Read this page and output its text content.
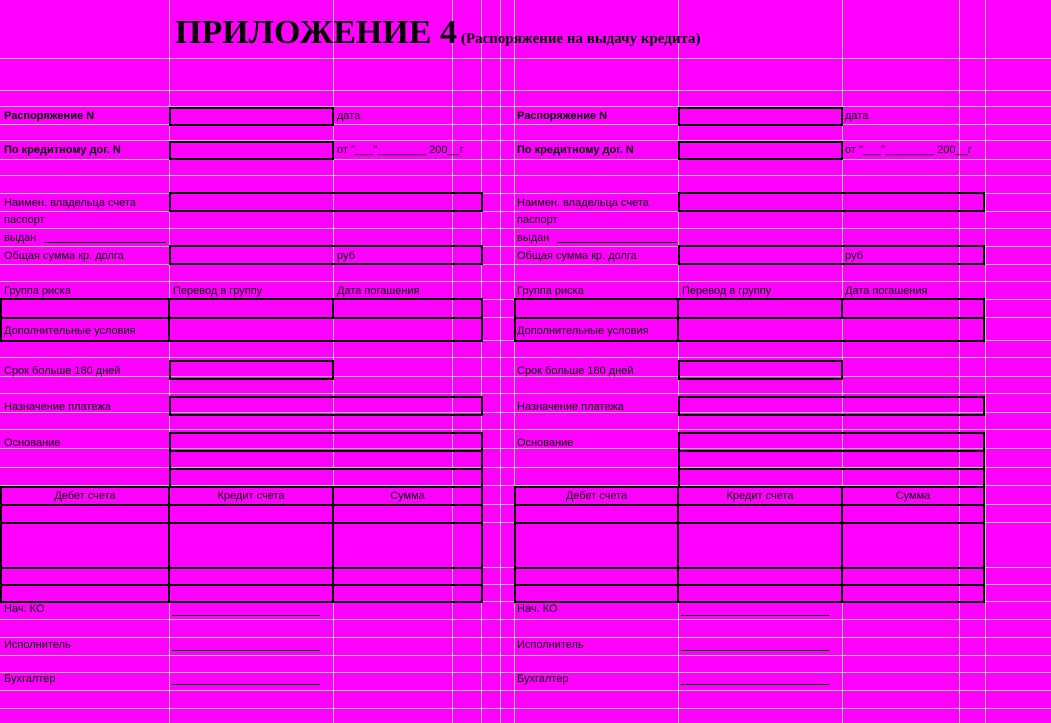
ПРИЛОЖЕНИЕ 4 (Распоряжение на выдачу кредита)
Распоряжение N	дата
По кредитному дог. N	от "___"________ 200__г
Наимен. владельца счета
паспорт
выдан
Общая сумма кр. долга	руб
Группа риска	Перевод в группу	Дата погашения
Дополнительные условия
Срок больше 180 дней
Назначение платежа
Основание
Дебет счета	Кредит счета	Сумма
Нач. КО
Исполнитель
Бухгалтер
Распоряжение N	дата
По кредитному дог. N	от "___"________ 200__г
Наимен. владельца счета
паспорт
выдан
Общая сумма кр. долга	руб
Группа риска	Перевод в группу	Дата погашения
Дополнительные условия
Срок больше 180 дней
Назначение платежа
Основание
Дебет счета	Кредит счета	Сумма
Нач. КО
Исполнитель
Бухгалтер
